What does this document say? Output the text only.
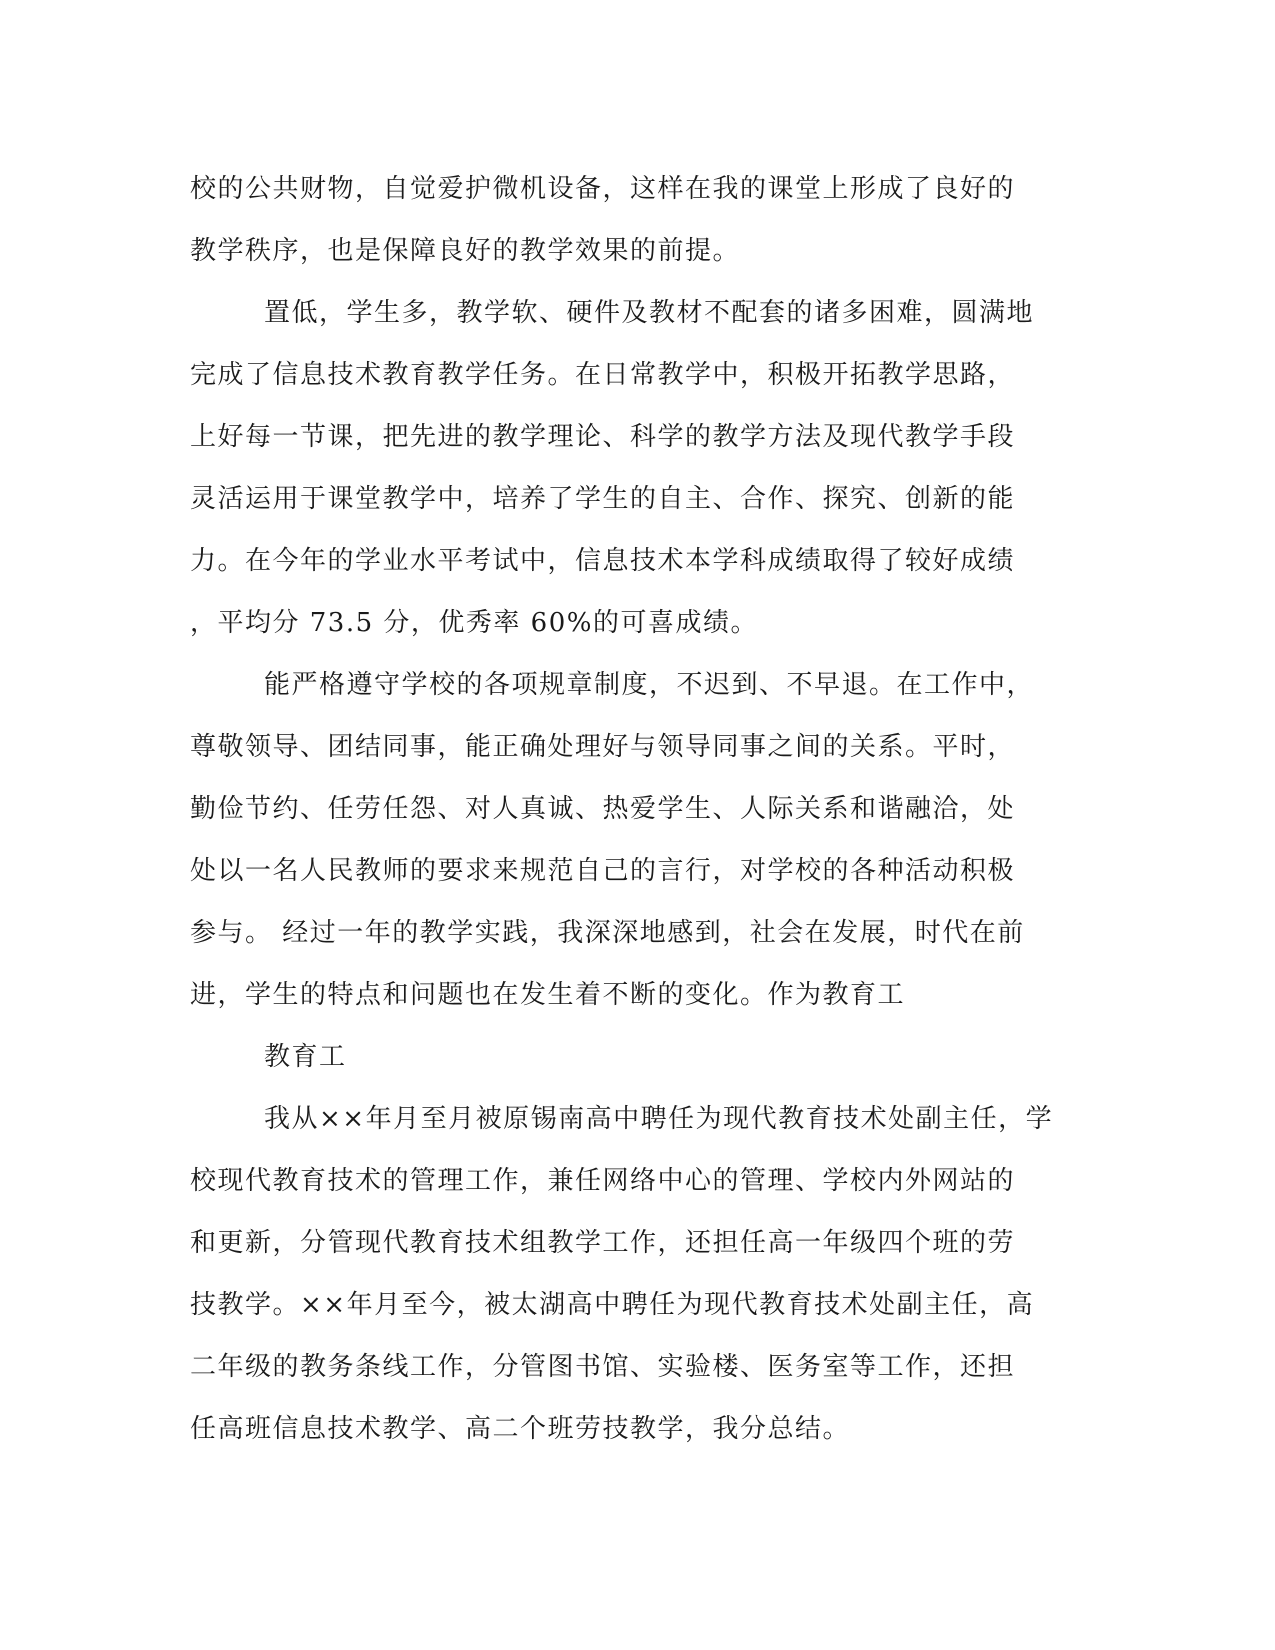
校的公共财物，自觉爱护微机设备，这样在我的课堂上形成了良好的
教学秩序，也是保障良好的教学效果的前提。
置低，学生多，教学软、硬件及教材不配套的诸多困难，圆满地
完成了信息技术教育教学任务。在日常教学中，积极开拓教学思路，
上好每一节课，把先进的教学理论、科学的教学方法及现代教学手段
灵活运用于课堂教学中，培养了学生的自主、合作、探究、创新的能
力。在今年的学业水平考试中，信息技术本学科成绩取得了较好成绩
，平均分 73.5 分，优秀率 60%的可喜成绩。
能严格遵守学校的各项规章制度，不迟到、不早退。在工作中，
尊敬领导、团结同事，能正确处理好与领导同事之间的关系。平时，
勤俭节约、任劳任怨、对人真诚、热爱学生、人际关系和谐融洽，处
处以一名人民教师的要求来规范自己的言行，对学校的各种活动积极
参与。 经过一年的教学实践，我深深地感到，社会在发展，时代在前
进，学生的特点和问题也在发生着不断的变化。作为教育工
教育工
我从××年月至月被原锡南高中聘任为现代教育技术处副主任，学
校现代教育技术的管理工作，兼任网络中心的管理、学校内外网站的
和更新，分管现代教育技术组教学工作，还担任高一年级四个班的劳
技教学。××年月至今，被太湖高中聘任为现代教育技术处副主任，高
二年级的教务条线工作，分管图书馆、实验楼、医务室等工作，还担
任高班信息技术教学、高二个班劳技教学，我分总结。
